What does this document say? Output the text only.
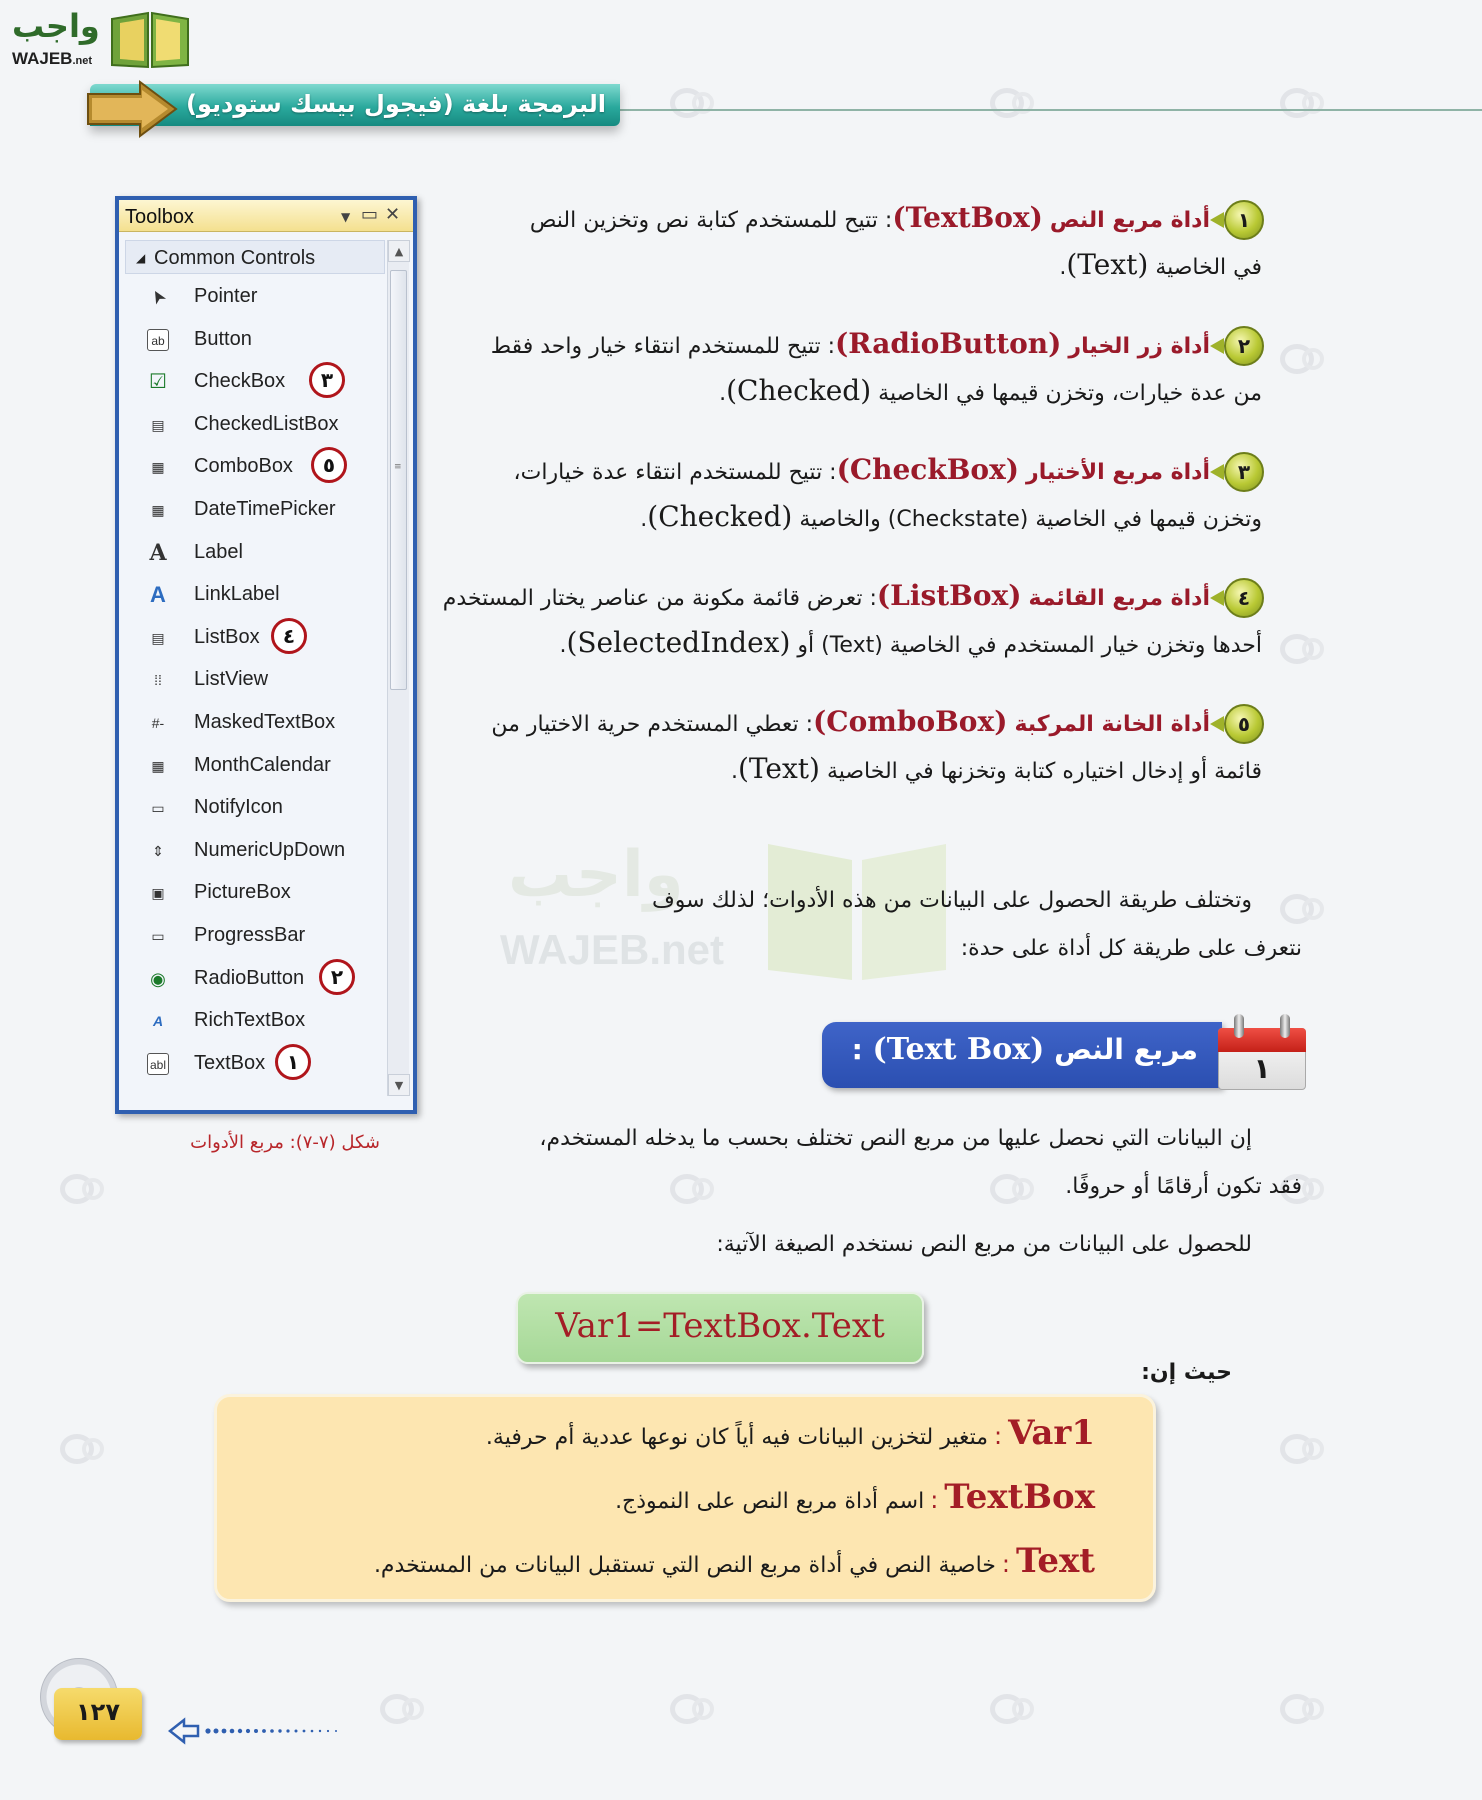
واجب
WAJEB.net
البرمجة بلغة (فيجول بيسك ستوديو)
Toolbox	▼ ▭ ✕
◢ Common Controls	▲
≡
▼
➤ Pointer
ab Button
☑ CheckBox	٣
▤ CheckedListBox
▦ ComboBox	٥
▦ DateTimePicker
A Label
A LinkLabel
▤ ListBox	٤
⁞⁞	ListView
#- MaskedTextBox
▦ MonthCalendar
▭ NotifyIcon
⇕ NumericUpDown
▣ PictureBox
▭ ProgressBar
◉ RadioButton	٢
A RichTextBox
abl TextBox	١
شكل (٧-٧): مربع الأدوات
١
أداة مربع النص (TextBox): تتيح للمستخدم كتابة نص وتخزين النص
في الخاصية (Text).
٢
أداة زر الخيار (RadioButton): تتيح للمستخدم انتقاء خيار واحد فقط
من عدة خيارات، وتخزن قيمها في الخاصية (Checked).
٣
أداة مربع الأختيار (CheckBox): تتيح للمستخدم انتقاء عدة خيارات،
وتخزن قيمها في الخاصية (Checkstate) والخاصية (Checked).
٤
أداة مربع القائمة (ListBox): تعرض قائمة مكونة من عناصر يختار المستخدم
أحدها وتخزن خيار المستخدم في الخاصية (Text) أو (SelectedIndex).
٥
أداة الخانة المركبة (ComboBox): تعطي المستخدم حرية الاختيار من
قائمة أو إدخال اختياره كتابة وتخزنها في الخاصية (Text).
واجب
WAJEB.net
وتختلف طريقة الحصول على البيانات من هذه الأدوات؛ لذلك سوف
نتعرف على طريقة كل أداة على حدة:
مربع النص (Text Box) :
١
إن البيانات التي نحصل عليها من مربع النص تختلف بحسب ما يدخله المستخدم،
فقد تكون أرقامًا أو حروفًا.
للحصول على البيانات من مربع النص نستخدم الصيغة الآتية:
Var1=TextBox.Text
حيث إن:
Var1:متغير لتخزين البيانات فيه أياً كان نوعها عددية أم حرفية.
TextBox:اسم أداة مربع النص على النموذج.
Text:خاصية النص في أداة مربع النص التي تستقبل البيانات من المستخدم.
١٢٧
